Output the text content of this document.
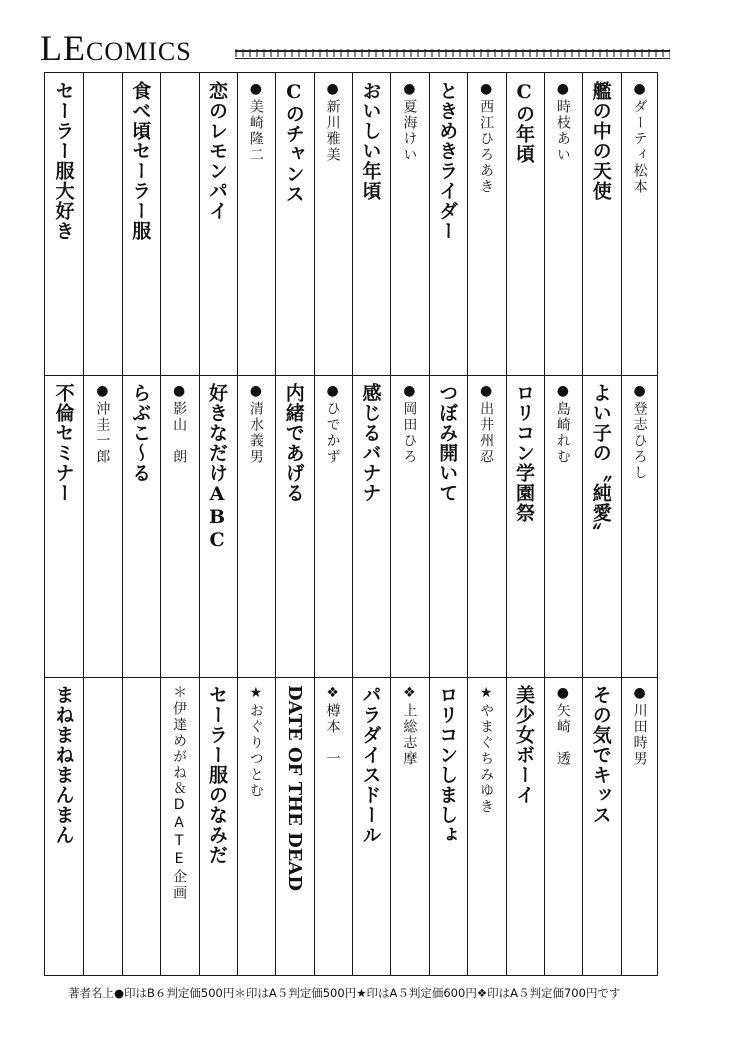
LECOMICS
●ダーティ松本
艦の中の天使
●登志ひろし
よい子の〝純愛〟
●川田時男
その気でキッス
●時枝あい
Cの年頃
●島崎れむ
ロリコン学園祭
●矢崎　透
美少女ボーイ
●西江ひろあき
ときめきライダー
●出井州忍
つぼみ開いて
★やまぐちみゆき
ロリコンしましょ
●夏海けい
おいしい年頃
●岡田ひろ
感じるバナナ
❖上総志摩
パラダイスドール
●新川雅美
Cのチャンス
●ひでかず
内緒であげる
❖樽本　一
DATE OF THE DEAD
●美崎隆二
恋のレモンパイ
●清水義男
好きなだけABC
★おぐりつとむ
セーラー服のなみだ
食べ頃セーラー服
●影山　朗
らぶこ～る
＊伊達めがね＆DATE企画
セーラー服大好き
●沖圭一郎
不倫セミナー
まねまねまんまん
著者名上●印はB６判定価500円＊印はA５判定価500円★印はA５判定価600円❖印はA５判定価700円です
